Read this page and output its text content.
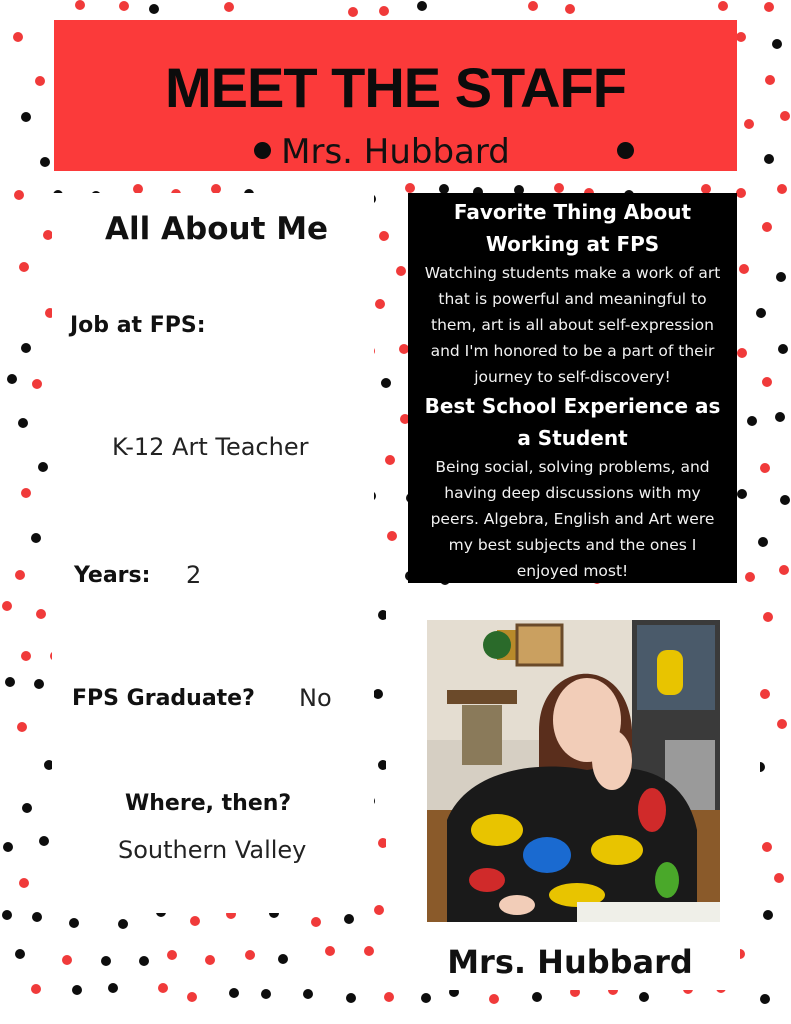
MEET THE STAFF
Mrs. Hubbard
All About Me
Job at FPS:
K-12 Art Teacher
Years: 2
FPS Graduate? No
Where, then?
Southern Valley
Favorite Thing About Working at FPS
Watching students make a work of art that is powerful and meaningful to them, art is all about self-expression and I'm honored to be a part of their journey to self-discovery!
Best School Experience as a Student
Being social, solving problems, and having deep discussions with my peers. Algebra, English and Art were my best subjects and the ones I enjoyed most!
Mrs. Hubbard
